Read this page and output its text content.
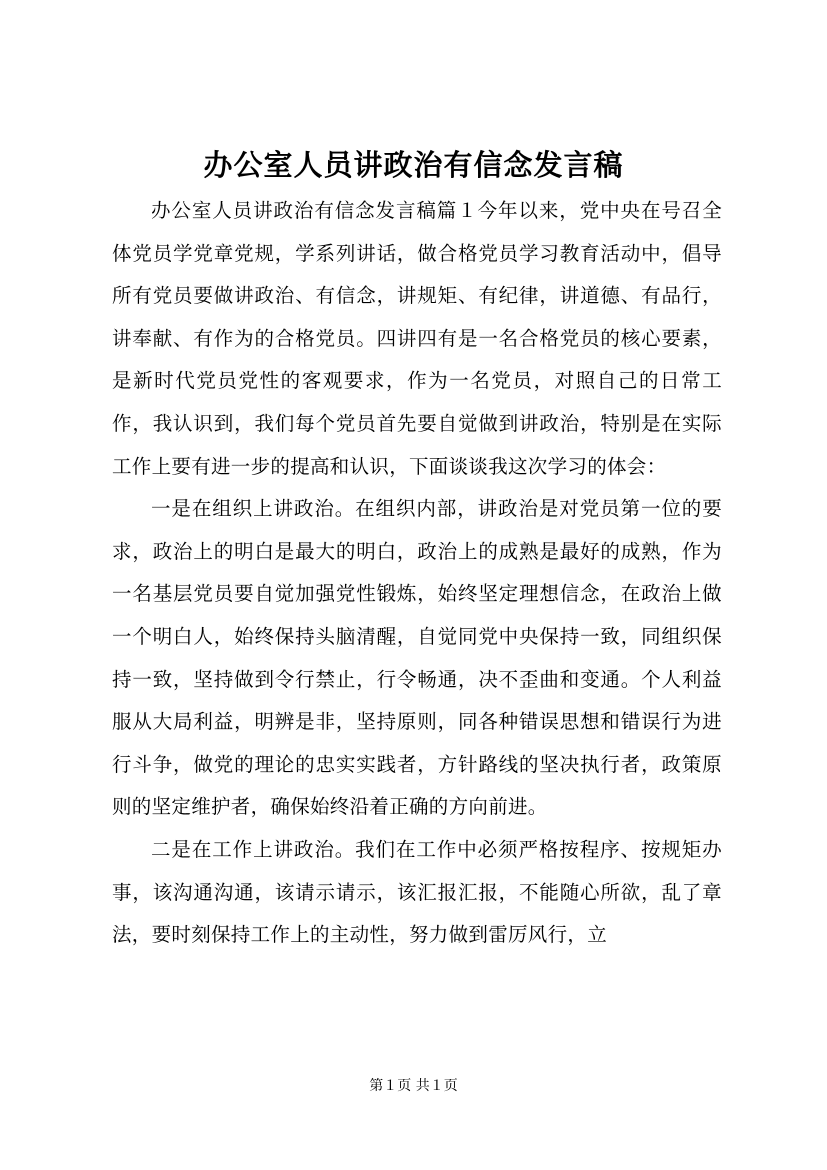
办公室人员讲政治有信念发言稿

办公室人员讲政治有信念发言稿篇１今年以来，党中央在号召全体党员学党章党规，学系列讲话，做合格党员学习教育活动中，倡导所有党员要做讲政治、有信念，讲规矩、有纪律，讲道德、有品行，讲奉献、有作为的合格党员。四讲四有是一名合格党员的核心要素，是新时代党员党性的客观要求，作为一名党员，对照自己的日常工作，我认识到，我们每个党员首先要自觉做到讲政治，特别是在实际工作上要有进一步的提高和认识，下面谈谈我这次学习的体会：

一是在组织上讲政治。在组织内部，讲政治是对党员第一位的要求，政治上的明白是最大的明白，政治上的成熟是最好的成熟，作为一名基层党员要自觉加强党性锻炼，始终坚定理想信念，在政治上做一个明白人，始终保持头脑清醒，自觉同党中央保持一致，同组织保持一致，坚持做到令行禁止，行令畅通，决不歪曲和变通。个人利益服从大局利益，明辨是非，坚持原则，同各种错误思想和错误行为进行斗争，做党的理论的忠实实践者，方针路线的坚决执行者，政策原则的坚定维护者，确保始终沿着正确的方向前进。

二是在工作上讲政治。我们在工作中必须严格按程序、按规矩办事，该沟通沟通，该请示请示，该汇报汇报，不能随心所欲，乱了章法，要时刻保持工作上的主动性，努力做到雷厉风行，立

第１页 共１页
